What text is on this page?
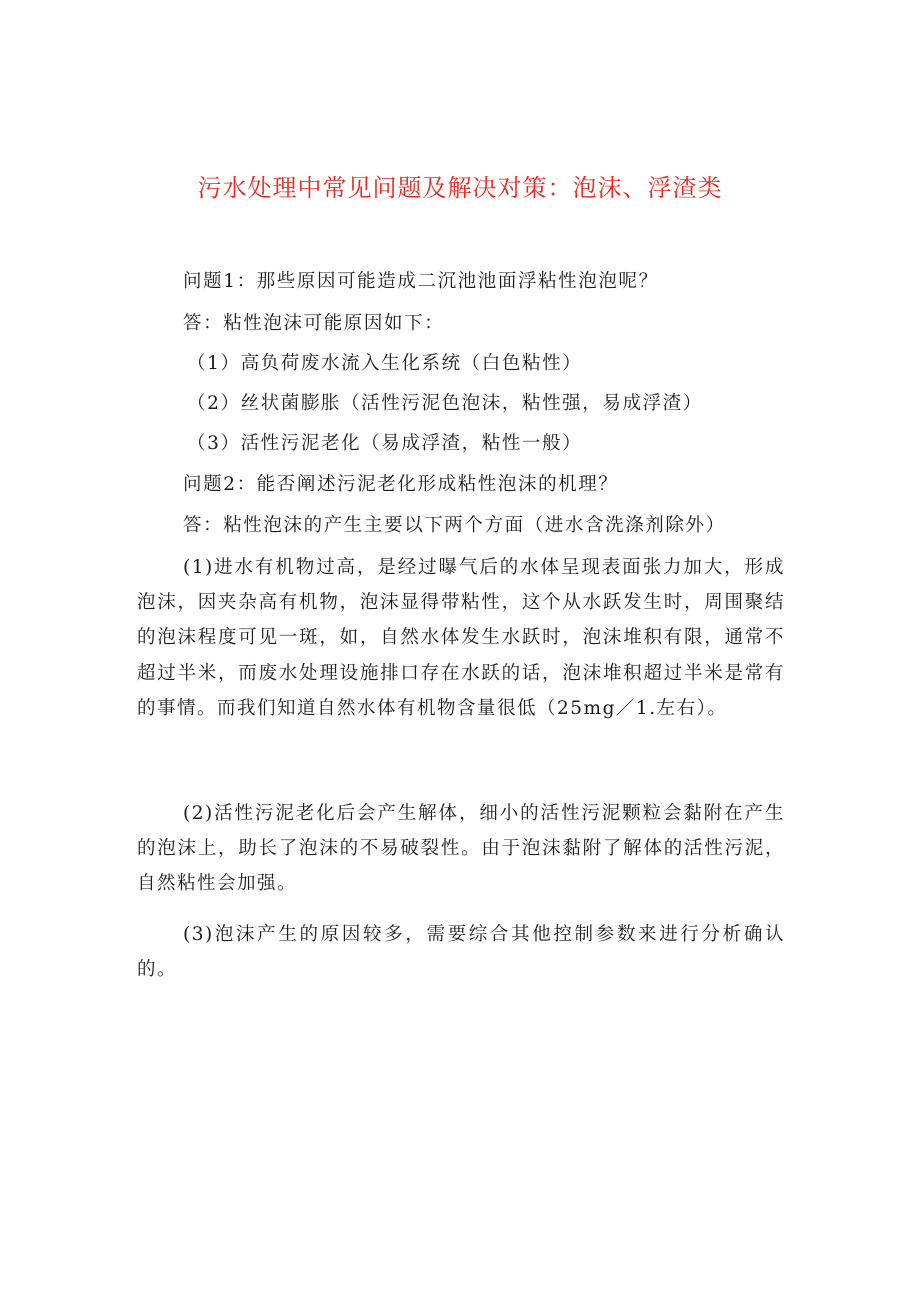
污水处理中常见问题及解决对策：泡沫、浮渣类
问题1：那些原因可能造成二沉池池面浮粘性泡泡呢？
答：粘性泡沫可能原因如下：
（1）高负荷废水流入生化系统（白色粘性）
（2）丝状菌膨胀（活性污泥色泡沫，粘性强，易成浮渣）
（3）活性污泥老化（易成浮渣，粘性一般）
问题2：能否阐述污泥老化形成粘性泡沫的机理？
答：粘性泡沫的产生主要以下两个方面（进水含洗涤剂除外）
(1)进水有机物过高，是经过曝气后的水体呈现表面张力加大，形成泡沫，因夹杂高有机物，泡沫显得带粘性，这个从水跃发生时，周围聚结的泡沫程度可见一斑，如，自然水体发生水跃时，泡沫堆积有限，通常不超过半米，而废水处理设施排口存在水跃的话，泡沫堆积超过半米是常有的事情。而我们知道自然水体有机物含量很低（25mg／1.左右）。
(2)活性污泥老化后会产生解体，细小的活性污泥颗粒会黏附在产生的泡沫上，助长了泡沫的不易破裂性。由于泡沫黏附了解体的活性污泥，自然粘性会加强。
(3)泡沫产生的原因较多，需要综合其他控制参数来进行分析确认的。
